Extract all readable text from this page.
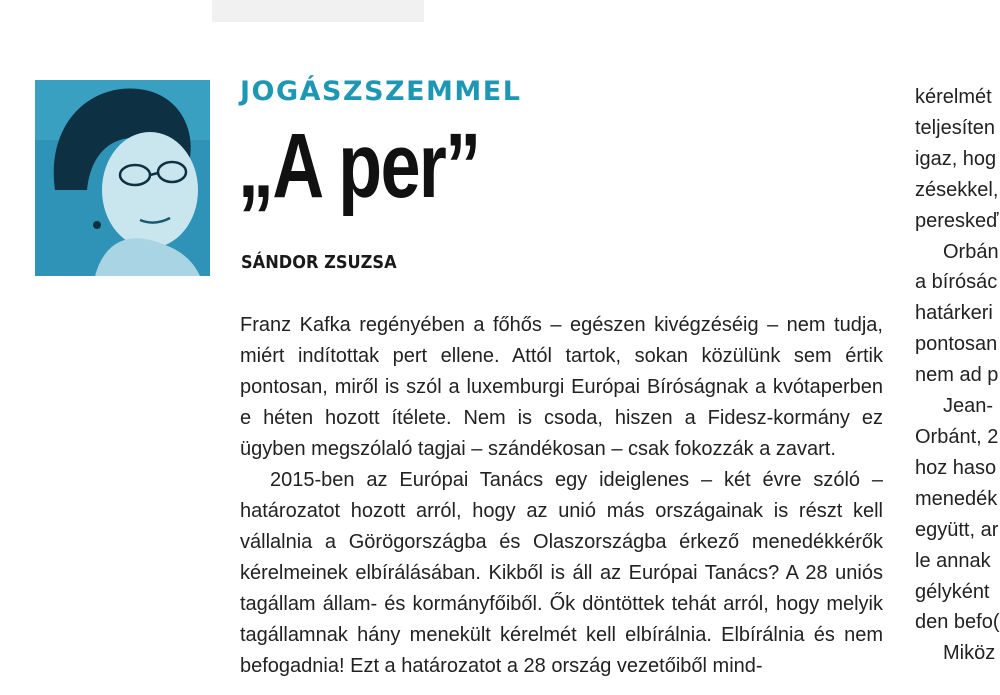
JOGÁSZSZEMMEL
„A per”
SÁNDOR ZSUZSA

Franz Kafka regényében a főhős – egészen kivégzéséig – nem tudja, miért indítottak pert ellene. Attól tartok, sokan közülünk sem értik pontosan, miről is szól a luxemburgi Európai Bíróságnak a kvótaperben e héten hozott ítélete. Nem is csoda, hiszen a Fidesz-kormány ez ügyben megszólaló tagjai – szándékosan – csak fokozzák a zavart.

2015-ben az Európai Tanács egy ideiglenes – két évre szóló – határozatot hozott arról, hogy az unió más országainak is részt kell vállalnia a Görögországba és Olaszországba érkező menedékkérők kérelmeinek elbírálásában. Kikből is áll az Európai Tanács? A 28 uniós tagállam állam- és kormányfőiből. Ők döntöttek tehát arról, hogy melyik tagállamnak hány menekült kérelmét kell elbírálnia. Elbírálnia és nem befogadnia! Ezt a határozatot a 28 ország vezetőiből mind-

kérelmét
teljesíten
igaz, hog
zésekkel,
pereskeď
Orbán
a bírósác
határkeri
pontosan
nem ad p
Jean-
Orbánt, 2
hoz haso
menedék
együtt, ar
le annak
gélyként
den befo(
Miköz
